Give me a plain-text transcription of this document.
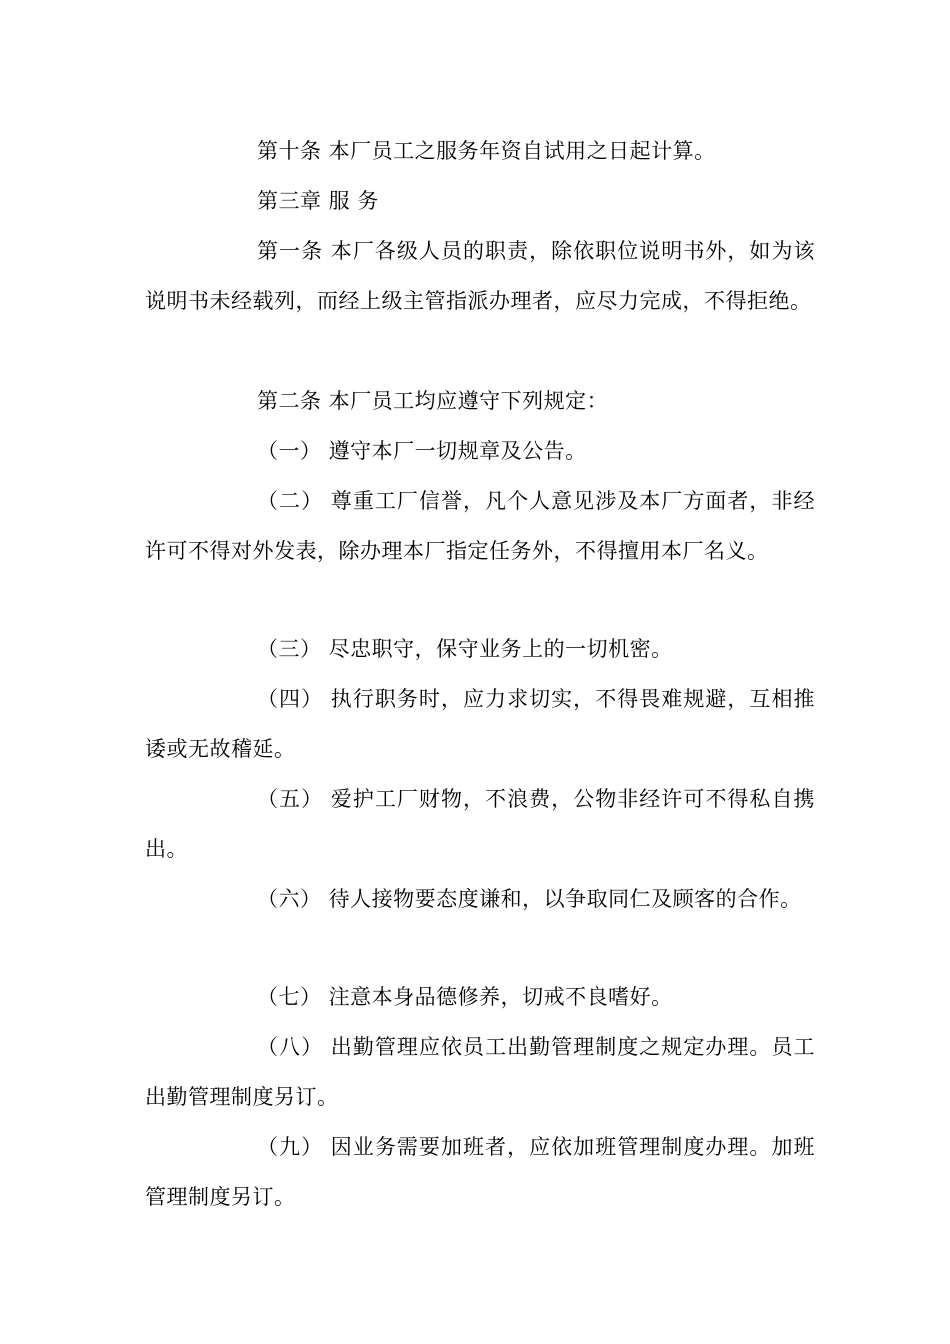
第十条 本厂员工之服务年资自试用之日起计算。

第三章 服 务

第一条 本厂各级人员的职责，除依职位说明书外，如为该说明书未经载列，而经上级主管指派办理者，应尽力完成，不得拒绝。

第二条 本厂员工均应遵守下列规定：

（一） 遵守本厂一切规章及公告。

（二） 尊重工厂信誉，凡个人意见涉及本厂方面者，非经许可不得对外发表，除办理本厂指定任务外，不得擅用本厂名义。

（三） 尽忠职守，保守业务上的一切机密。

（四） 执行职务时，应力求切实，不得畏难规避，互相推诿或无故稽延。

（五） 爱护工厂财物，不浪费，公物非经许可不得私自携出。

（六） 待人接物要态度谦和，以争取同仁及顾客的合作。

（七） 注意本身品德修养，切戒不良嗜好。

（八） 出勤管理应依员工出勤管理制度之规定办理。员工出勤管理制度另订。

（九） 因业务需要加班者，应依加班管理制度办理。加班管理制度另订。
